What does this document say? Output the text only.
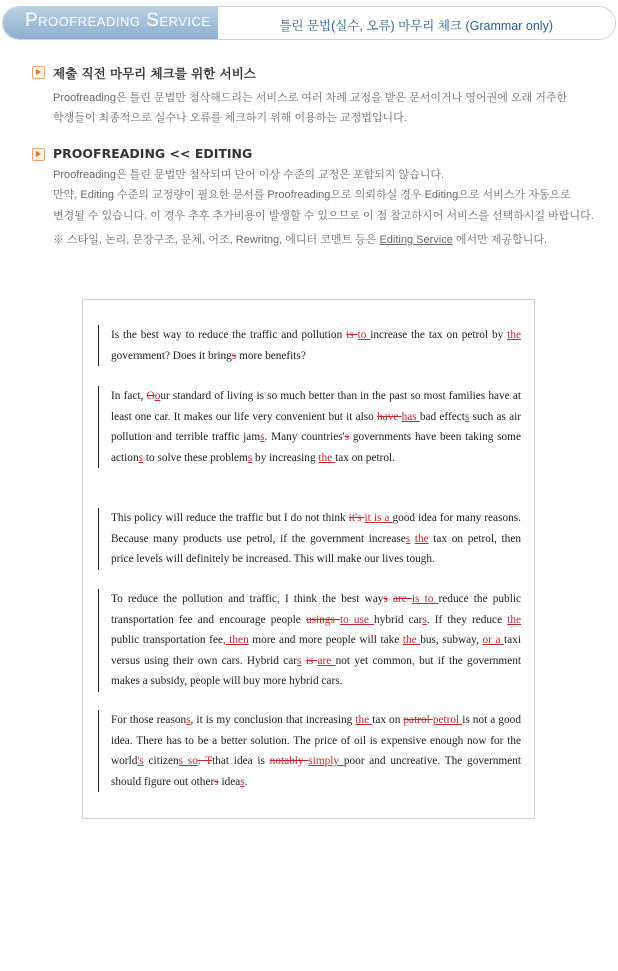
Proofreading Service	틀린 문법(실수, 오류) 마무리 체크 (Grammar only)
제출 직전 마무리 체크를 위한 서비스
Proofreading은 틀린 문법만 첨삭해드리는 서비스로 여러 차례 교정을 받은 문서이거나 영어권에 오래 거주한
학생들이 최종적으로 실수나 오류를 체크하기 위해 이용하는 교정법입니다.
PROOFREADING << EDITING
Proofreading은 틀린 문법만 첨삭되며 단어 이상 수준의 교정은 포함되지 않습니다.
만약, Editing 수준의 교정량이 필요한 문서를 Proofreading으로 의뢰하실 경우 Editing으로 서비스가 자동으로
변경될 수 있습니다. 이 경우 추후 추가비용이 발생할 수 있으므로 이 점 참고하시어 서비스를 선택하시길 바랍니다.
※ 스타일, 논리, 문장구조, 문체, 어조, Rewritng, 에디터 코멘트 등은 Editing Service 에서만 제공합니다.

Is the best way to reduce the traffic and pollution is to increase the tax on petrol by the government? Does it brings more benefits?

In fact, Oour standard of living is so much better than in the past so most families have at least one car. It makes our life very convenient but it also have has bad effects such as air pollution and terrible traffic jams. Many countries's governments have been taking some actions to solve these problems by increasing the tax on petrol.

This policy will reduce the traffic but I do not think it's it is a good idea for many reasons. Because many products use petrol, if the government increases the tax on petrol, then price levels will definitely be increased. This will make our lives tough.

To reduce the pollution and traffic, I think the best ways are is to reduce the public transportation fee and encourage people usings to use hybrid cars. If they reduce the public transportation fee, then more and more people will take the bus, subway, or a taxi versus using their own cars. Hybrid cars is are not yet common, but if the government makes a subsidy, people will buy more hybrid cars.

For those reasons, it is my conclusion that increasing the tax on patrol petrol is not a good idea. There has to be a better solution. The price of oil is expensive enough now for the world's citizens so. Tthat idea is notably simply poor and uncreative. The government should figure out others ideas.
